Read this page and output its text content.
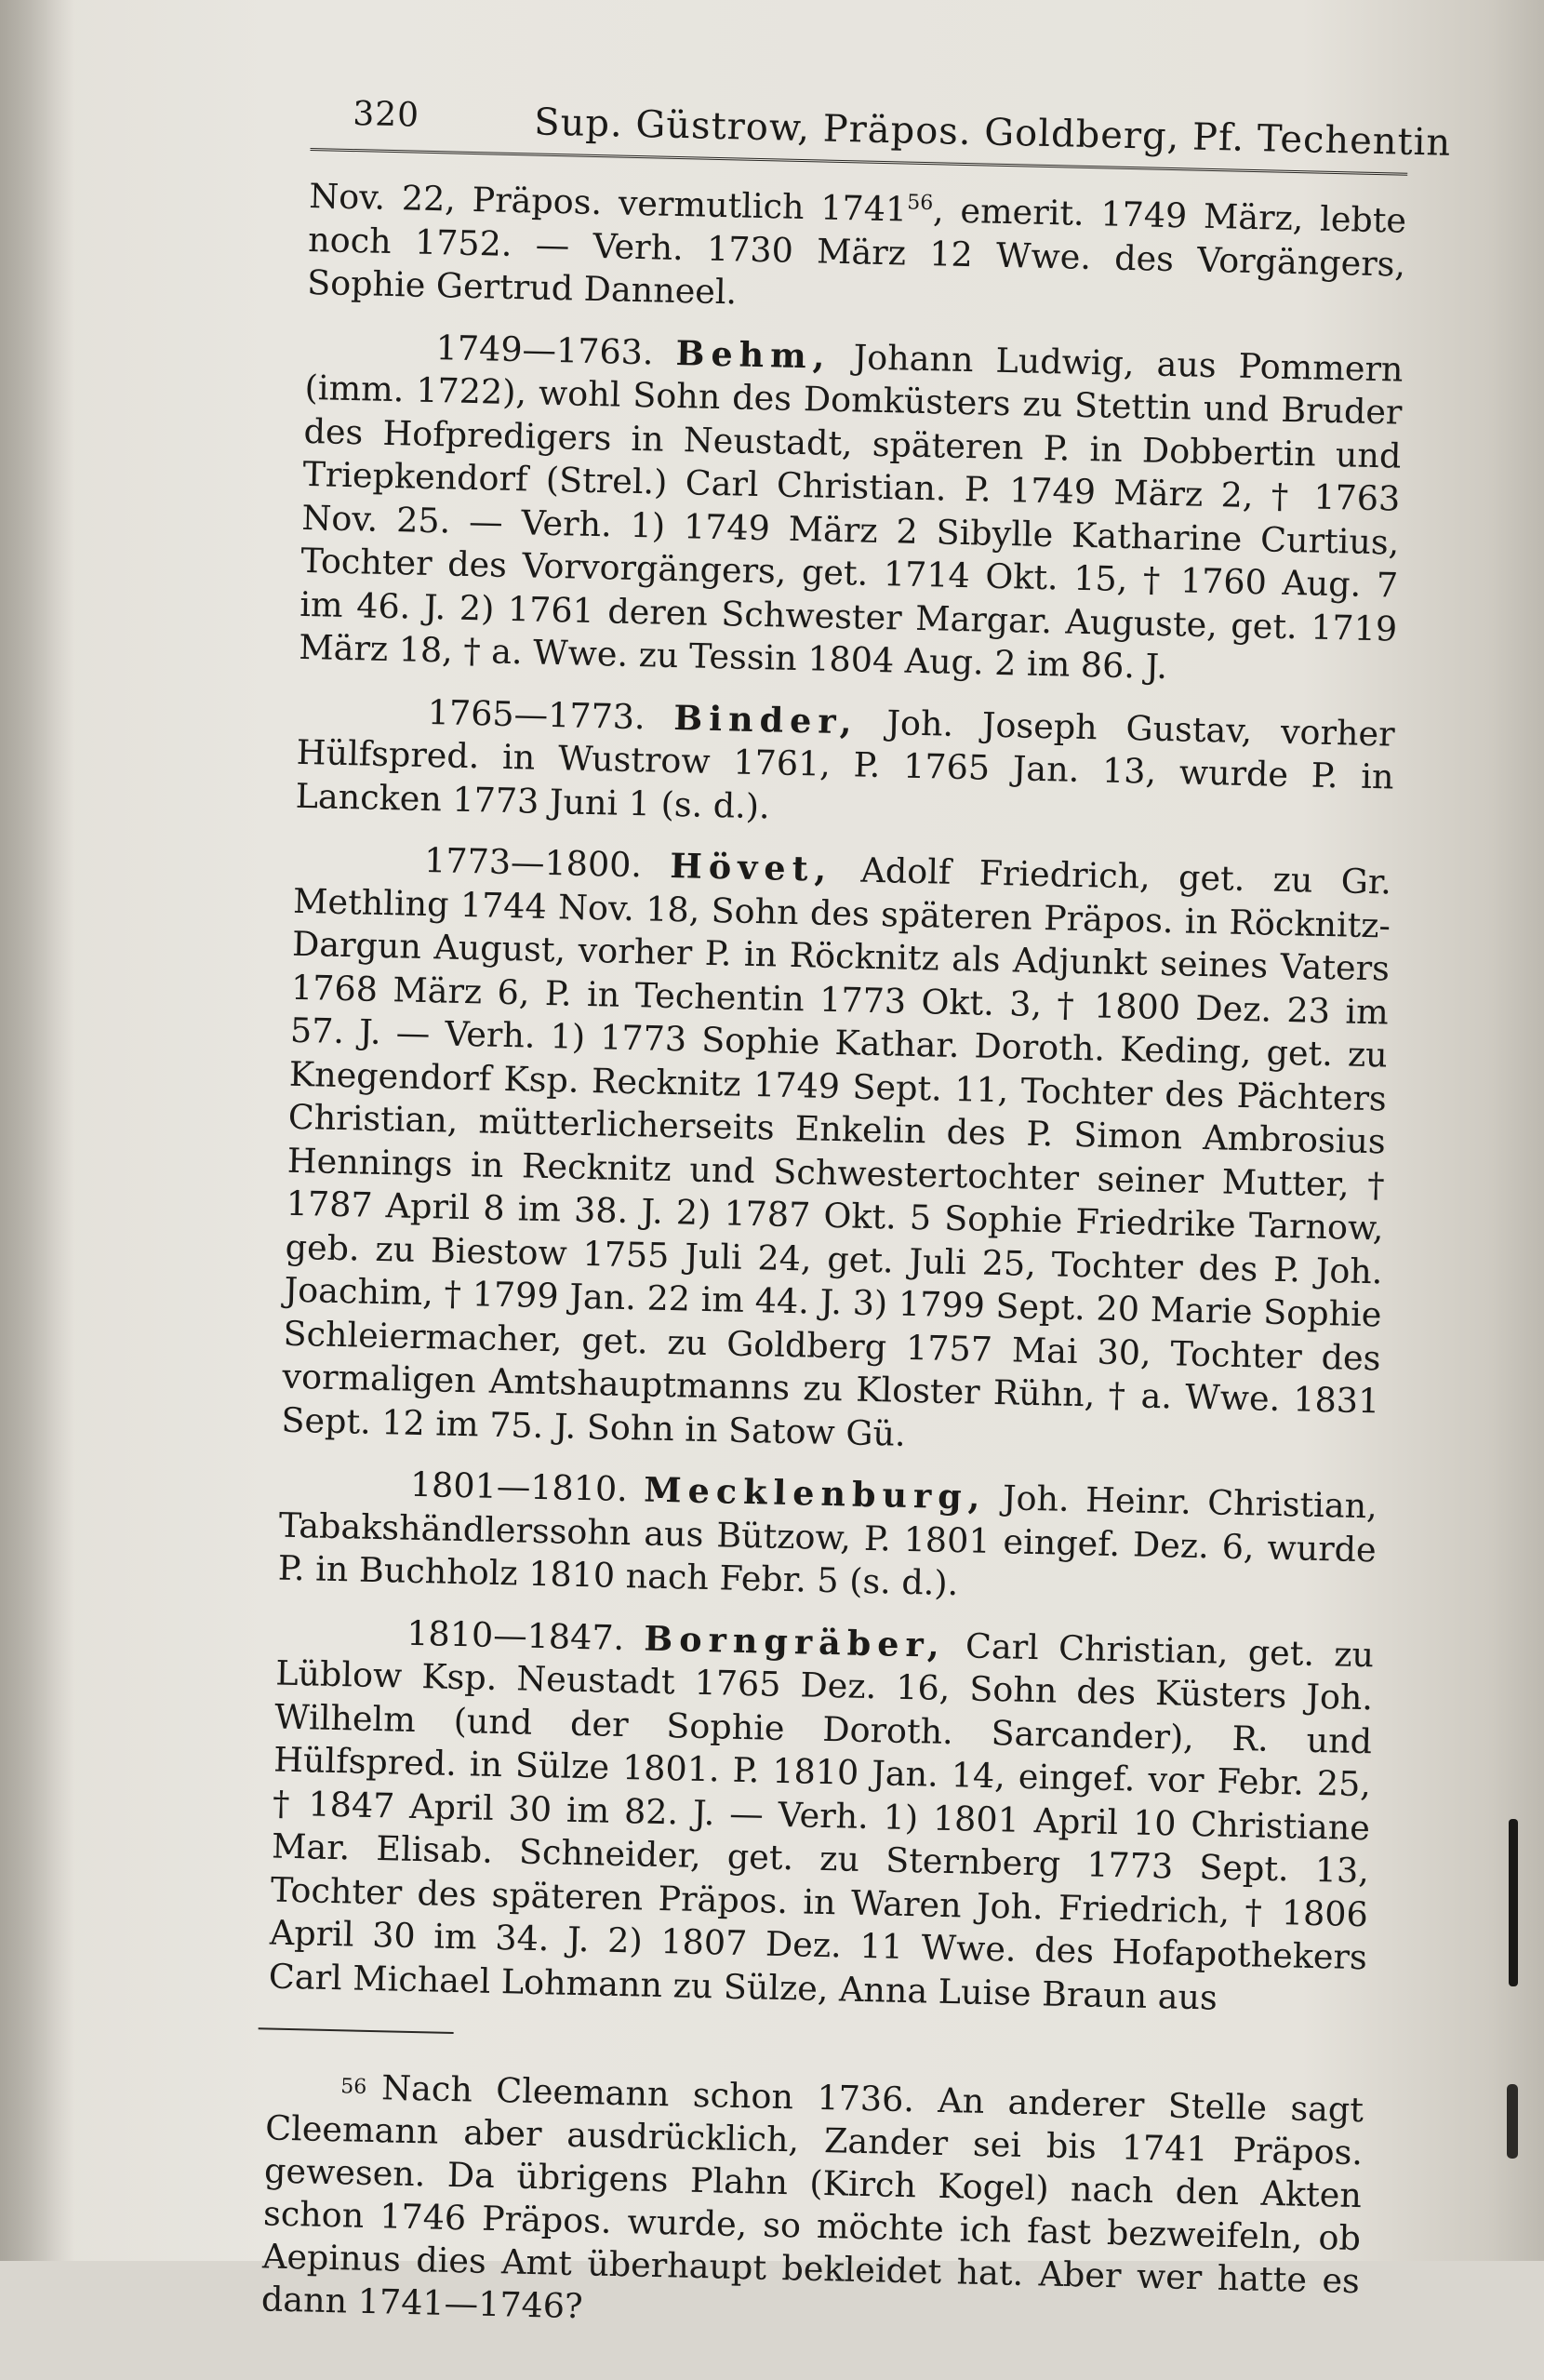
320	Sup. Güstrow, Präpos. Goldberg, Pf. Techentin

Nov. 22, Präpos. vermutlich 1741$^{56}$, emerit. 1749 März, lebte noch 1752. — Verh. 1730 März 12 Wwe. des Vorgängers, Sophie Gertrud Danneel.

1749—1763. Behm, Johann Ludwig, aus Pommern (imm. 1722), wohl Sohn des Domküsters zu Stettin und Bruder des Hofpredigers in Neustadt, späteren P. in Dobbertin und Triepkendorf (Strel.) Carl Christian. P. 1749 März 2, † 1763 Nov. 25. — Verh. 1) 1749 März 2 Sibylle Katharine Curtius, Tochter des Vorvorgängers, get. 1714 Okt. 15, † 1760 Aug. 7 im 46. J. 2) 1761 deren Schwester Margar. Auguste, get. 1719 März 18, † a. Wwe. zu Tessin 1804 Aug. 2 im 86. J.

1765—1773. Binder, Joh. Joseph Gustav, vorher Hülfspred. in Wustrow 1761, P. 1765 Jan. 13, wurde P. in Lancken 1773 Juni 1 (s. d.).

1773—1800. Hövet, Adolf Friedrich, get. zu Gr. Methling 1744 Nov. 18, Sohn des späteren Präpos. in Röcknitz-Dargun August, vorher P. in Röcknitz als Adjunkt seines Vaters 1768 März 6, P. in Techentin 1773 Okt. 3, † 1800 Dez. 23 im 57. J. — Verh. 1) 1773 Sophie Kathar. Doroth. Keding, get. zu Knegendorf Ksp. Recknitz 1749 Sept. 11, Tochter des Pächters Christian, mütterlicherseits Enkelin des P. Simon Ambrosius Hennings in Recknitz und Schwestertochter seiner Mutter, † 1787 April 8 im 38. J. 2) 1787 Okt. 5 Sophie Friedrike Tarnow, geb. zu Biestow 1755 Juli 24, get. Juli 25, Tochter des P. Joh. Joachim, † 1799 Jan. 22 im 44. J. 3) 1799 Sept. 20 Marie Sophie Schleiermacher, get. zu Goldberg 1757 Mai 30, Tochter des vormaligen Amtshauptmanns zu Kloster Rühn, † a. Wwe. 1831 Sept. 12 im 75. J. Sohn in Satow Gü.

1801—1810. Mecklenburg, Joh. Heinr. Christian, Tabakshändlerssohn aus Bützow, P. 1801 eingef. Dez. 6, wurde P. in Buchholz 1810 nach Febr. 5 (s. d.).

1810—1847. Borngräber, Carl Christian, get. zu Lüblow Ksp. Neustadt 1765 Dez. 16, Sohn des Küsters Joh. Wilhelm (und der Sophie Doroth. Sarcander), R. und Hülfspred. in Sülze 1801. P. 1810 Jan. 14, eingef. vor Febr. 25, † 1847 April 30 im 82. J. — Verh. 1) 1801 April 10 Christiane Mar. Elisab. Schneider, get. zu Sternberg 1773 Sept. 13, Tochter des späteren Präpos. in Waren Joh. Friedrich, † 1806 April 30 im 34. J. 2) 1807 Dez. 11 Wwe. des Hofapothekers Carl Michael Lohmann zu Sülze, Anna Luise Braun aus

$^{56}$ Nach Cleemann schon 1736. An anderer Stelle sagt Cleemann aber ausdrücklich, Zander sei bis 1741 Präpos. gewesen. Da übrigens Plahn (Kirch Kogel) nach den Akten schon 1746 Präpos. wurde, so möchte ich fast bezweifeln, ob Aepinus dies Amt überhaupt bekleidet hat. Aber wer hatte es dann 1741—1746?
